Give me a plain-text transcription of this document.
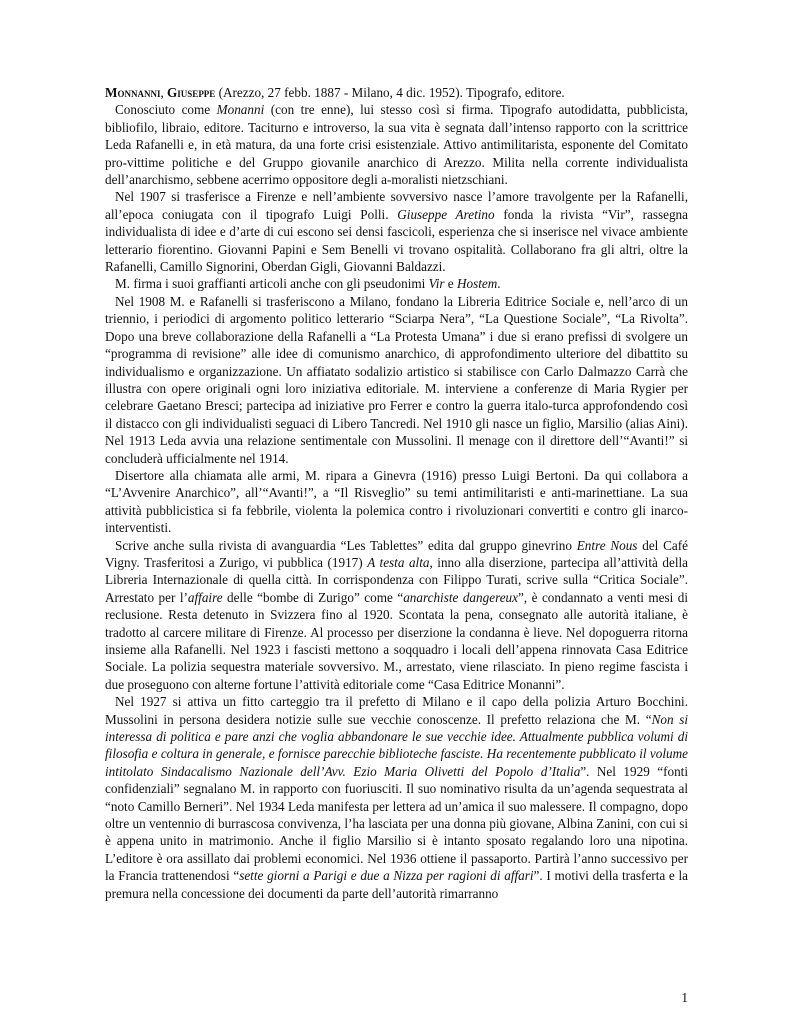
Monnanni, Giuseppe (Arezzo, 27 febb. 1887 - Milano, 4 dic. 1952). Tipografo, editore.

Conosciuto come Monanni (con tre enne), lui stesso così si firma. Tipografo autodidatta, pubblicista, bibliofilo, libraio, editore. Taciturno e introverso, la sua vita è segnata dall’intenso rapporto con la scrittrice Leda Rafanelli e, in età matura, da una forte crisi esistenziale. Attivo antimilitarista, esponente del Comitato pro-vittime politiche e del Gruppo giovanile anarchico di Arezzo. Milita nella corrente individualista dell’anarchismo, sebbene acerrimo oppositore degli a-moralisti nietzschiani.

Nel 1907 si trasferisce a Firenze e nell’ambiente sovversivo nasce l’amore travolgente per la Rafanelli, all’epoca coniugata con il tipografo Luigi Polli. Giuseppe Aretino fonda la rivista “Vir”, rassegna individualista di idee e d’arte di cui escono sei densi fascicoli, esperienza che si inserisce nel vivace ambiente letterario fiorentino. Giovanni Papini e Sem Benelli vi trovano ospitalità. Collaborano fra gli altri, oltre la Rafanelli, Camillo Signorini, Oberdan Gigli, Giovanni Baldazzi.

M. firma i suoi graffianti articoli anche con gli pseudonimi Vir e Hostem.

Nel 1908 M. e Rafanelli si trasferiscono a Milano, fondano la Libreria Editrice Sociale e, nell’arco di un triennio, i periodici di argomento politico letterario “Sciarpa Nera”, “La Questione Sociale”, “La Rivolta”. Dopo una breve collaborazione della Rafanelli a “La Protesta Umana” i due si erano prefissi di svolgere un “programma di revisione” alle idee di comunismo anarchico, di approfondimento ulteriore del dibattito su individualismo e organizzazione. Un affiatato sodalizio artistico si stabilisce con Carlo Dalmazzo Carrà che illustra con opere originali ogni loro iniziativa editoriale. M. interviene a conferenze di Maria Rygier per celebrare Gaetano Bresci; partecipa ad iniziative pro Ferrer e contro la guerra italo-turca approfondendo così il distacco con gli individualisti seguaci di Libero Tancredi. Nel 1910 gli nasce un figlio, Marsilio (alias Aini). Nel 1913 Leda avvia una relazione sentimentale con Mussolini. Il menage con il direttore dell’“Avanti!” si concluderà ufficialmente nel 1914.

Disertore alla chiamata alle armi, M. ripara a Ginevra (1916) presso Luigi Bertoni. Da qui collabora a “L’Avvenire Anarchico”, all’“Avanti!”, a “Il Risveglio” su temi antimilitaristi e anti-marinettiane. La sua attività pubblicistica si fa febbrile, violenta la polemica contro i rivoluzionari convertiti e contro gli inarco-interventisti.

Scrive anche sulla rivista di avanguardia “Les Tablettes” edita dal gruppo ginevrino Entre Nous del Café Vigny. Trasferitosi a Zurigo, vi pubblica (1917) A testa alta, inno alla diserzione, partecipa all’attività della Libreria Internazionale di quella città. In corrispondenza con Filippo Turati, scrive sulla “Critica Sociale”. Arrestato per l’affaire delle “bombe di Zurigo” come “anarchiste dangereux”, è condannato a venti mesi di reclusione. Resta detenuto in Svizzera fino al 1920. Scontata la pena, consegnato alle autorità italiane, è tradotto al carcere militare di Firenze. Al processo per diserzione la condanna è lieve. Nel dopoguerra ritorna insieme alla Rafanelli. Nel 1923 i fascisti mettono a soqquadro i locali dell’appena rinnovata Casa Editrice Sociale. La polizia sequestra materiale sovversivo. M., arrestato, viene rilasciato. In pieno regime fascista i due proseguono con alterne fortune l’attività editoriale come “Casa Editrice Monanni”.

Nel 1927 si attiva un fitto carteggio tra il prefetto di Milano e il capo della polizia Arturo Bocchini. Mussolini in persona desidera notizie sulle sue vecchie conoscenze. Il prefetto relaziona che M. “Non si interessa di politica e pare anzi che voglia abbandonare le sue vecchie idee. Attualmente pubblica volumi di filosofia e coltura in generale, e fornisce parecchie biblioteche fasciste. Ha recentemente pubblicato il volume intitolato Sindacalismo Nazionale dell’Avv. Ezio Maria Olivetti del Popolo d’Italia”. Nel 1929 “fonti confidenziali” segnalano M. in rapporto con fuoriusciti. Il suo nominativo risulta da un’agenda sequestrata al “noto Camillo Berneri”. Nel 1934 Leda manifesta per lettera ad un’amica il suo malessere. Il compagno, dopo oltre un ventennio di burrascosa convivenza, l’ha lasciata per una donna più giovane, Albina Zanini, con cui si è appena unito in matrimonio. Anche il figlio Marsilio si è intanto sposato regalando loro una nipotina. L’editore è ora assillato dai problemi economici. Nel 1936 ottiene il passaporto. Partirà l’anno successivo per la Francia trattenendosi “sette giorni a Parigi e due a Nizza per ragioni di affari”. I motivi della trasferta e la premura nella concessione dei documenti da parte dell’autorità rimarranno

1
